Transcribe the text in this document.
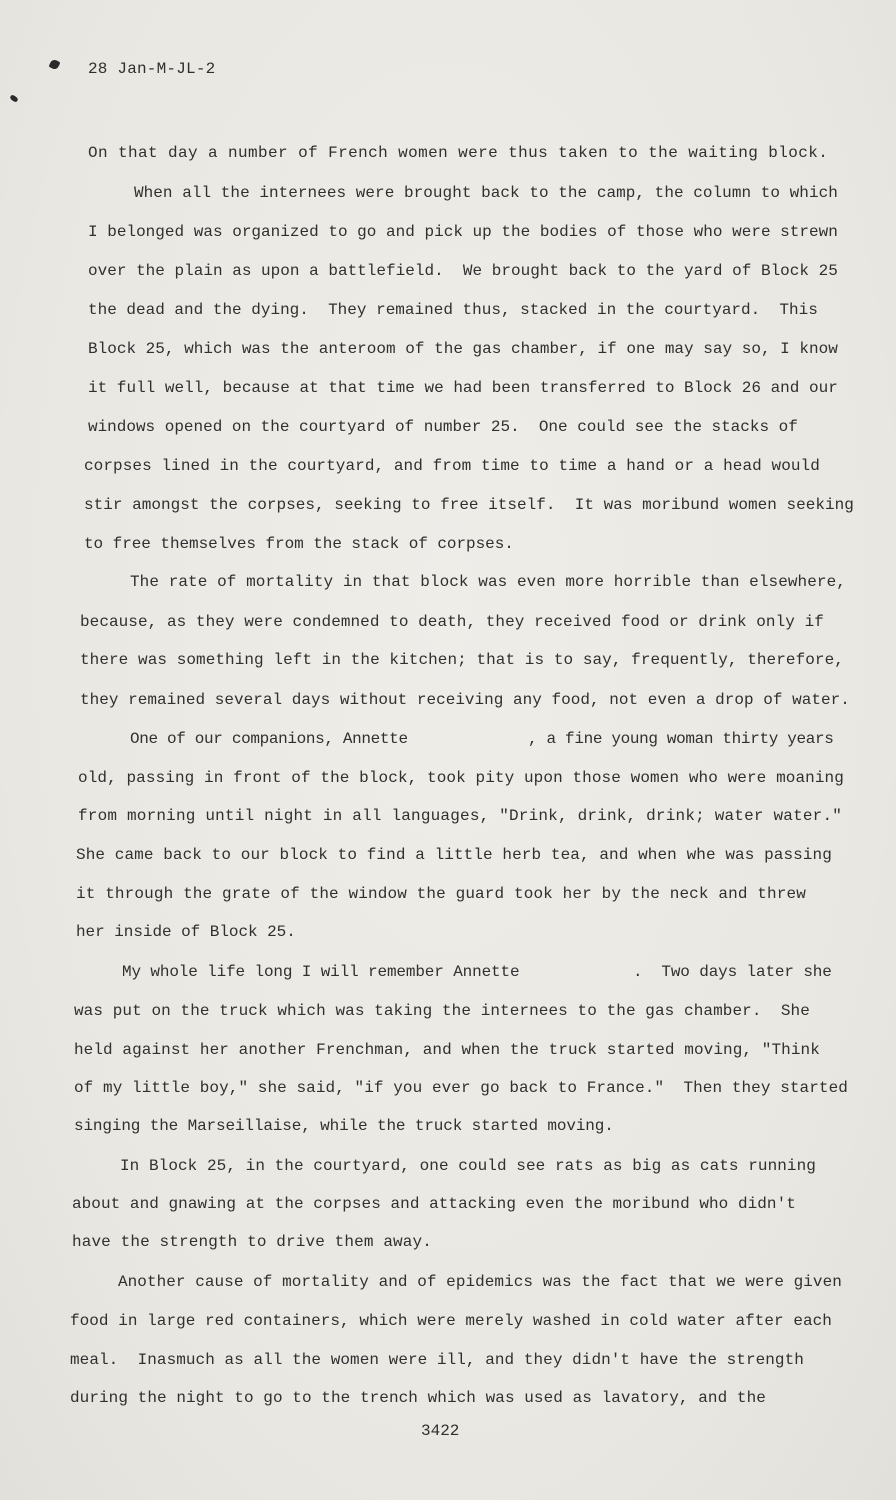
28 Jan-M-JL-2
On that day a number of French women were thus taken to the waiting block.
When all the internees were brought back to the camp, the column to which
I belonged was organized to go and pick up the bodies of those who were strewn
over the plain as upon a battlefield.  We brought back to the yard of Block 25
the dead and the dying.  They remained thus, stacked in the courtyard.  This
Block 25, which was the anteroom of the gas chamber, if one may say so, I know
it full well, because at that time we had been transferred to Block 26 and our
windows opened on the courtyard of number 25.  One could see the stacks of
corpses lined in the courtyard, and from time to time a hand or a head would
stir amongst the corpses, seeking to free itself.  It was moribund women seeking
to free themselves from the stack of corpses.
The rate of mortality in that block was even more horrible than elsewhere,
because, as they were condemned to death, they received food or drink only if
there was something left in the kitchen; that is to say, frequently, therefore,
they remained several days without receiving any food, not even a drop of water.
One of our companions, Annette             , a fine young woman thirty years
old, passing in front of the block, took pity upon those women who were moaning
from morning until night in all languages, "Drink, drink, drink; water water."
She came back to our block to find a little herb tea, and when whe was passing
it through the grate of the window the guard took her by the neck and threw
her inside of Block 25.
My whole life long I will remember Annette            .  Two days later she
was put on the truck which was taking the internees to the gas chamber.  She
held against her another Frenchman, and when the truck started moving, "Think
of my little boy," she said, "if you ever go back to France."  Then they started
singing the Marseillaise, while the truck started moving.
In Block 25, in the courtyard, one could see rats as big as cats running
about and gnawing at the corpses and attacking even the moribund who didn't
have the strength to drive them away.
Another cause of mortality and of epidemics was the fact that we were given
food in large red containers, which were merely washed in cold water after each
meal.  Inasmuch as all the women were ill, and they didn't have the strength
during the night to go to the trench which was used as lavatory, and the
3422
